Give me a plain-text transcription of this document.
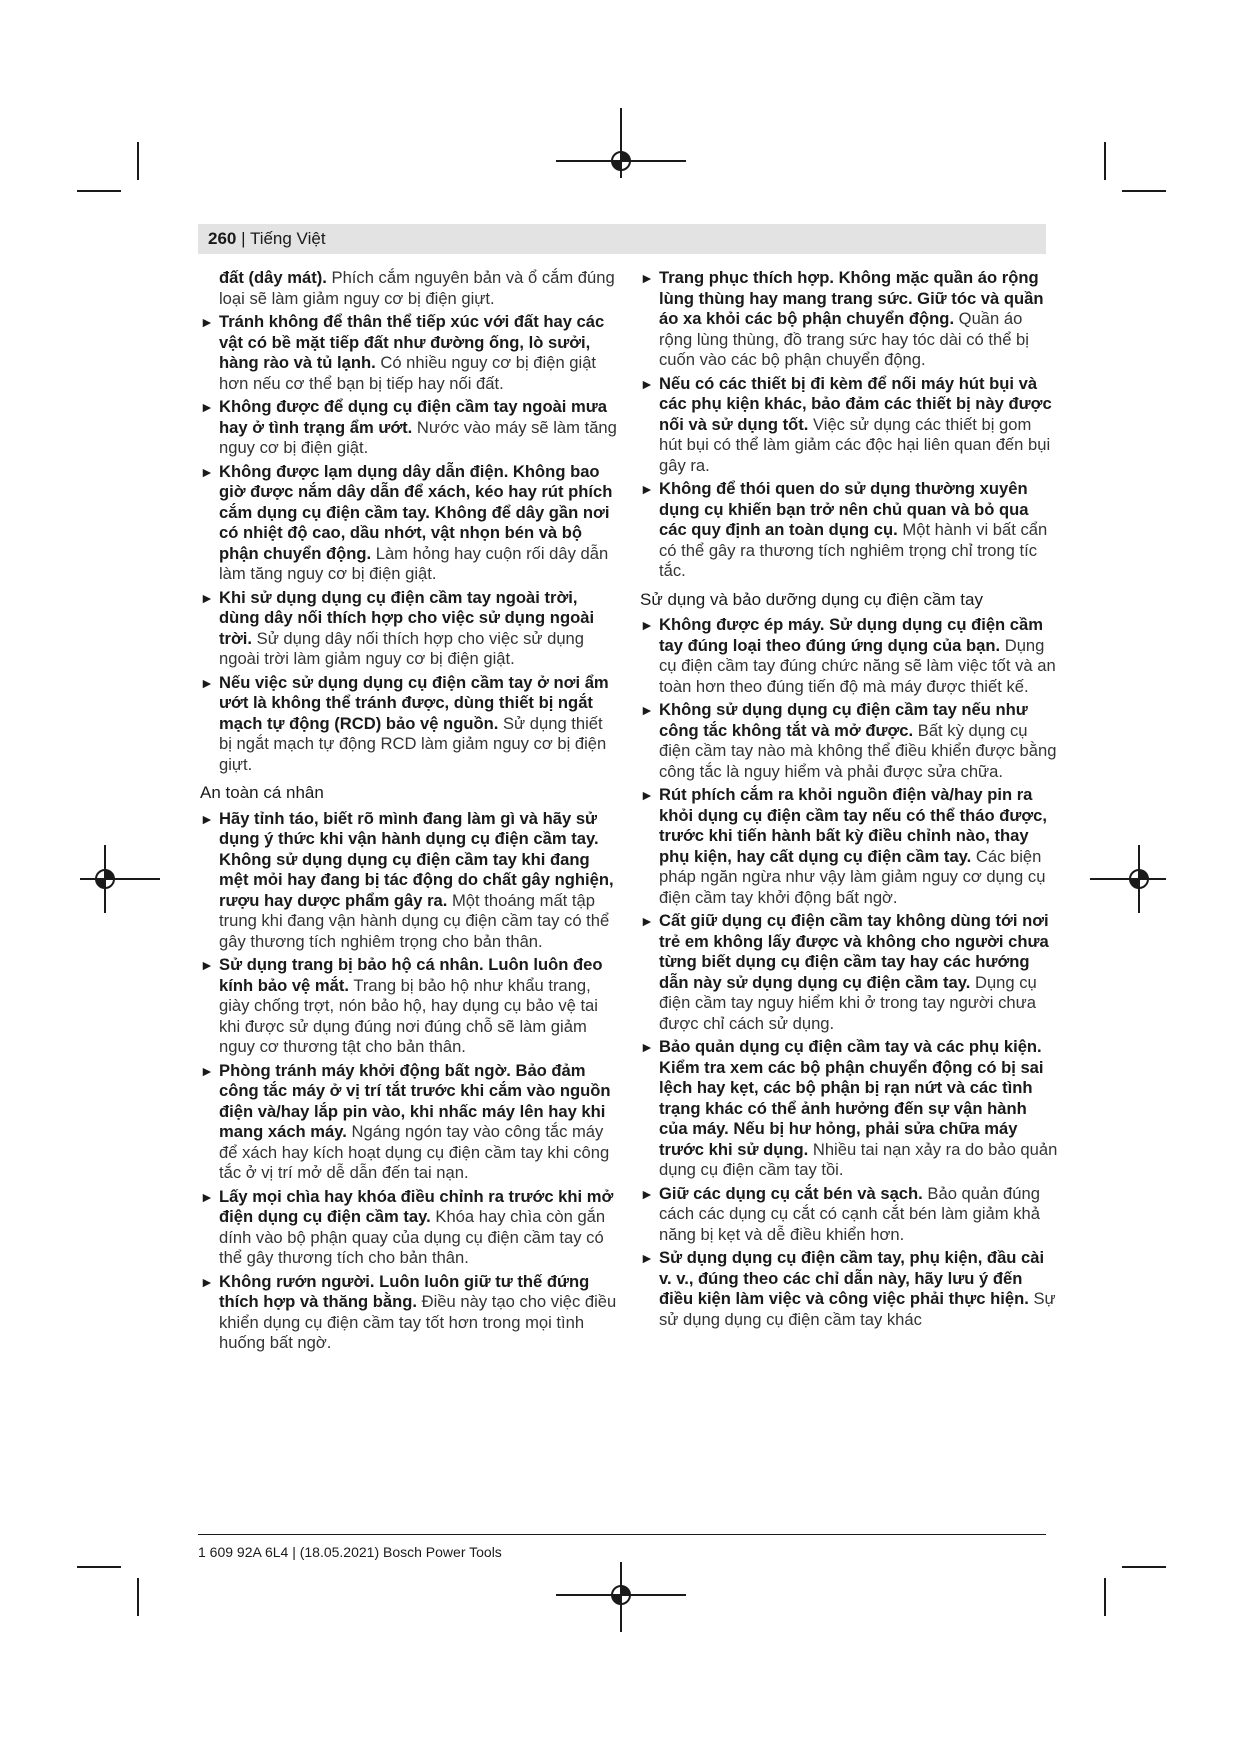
260 | Tiếng Việt
đất (dây mát). Phích cắm nguyên bản và ổ cắm đúng loại sẽ làm giảm nguy cơ bị điện giựt.
► Tránh không để thân thể tiếp xúc với đất hay các vật có bề mặt tiếp đất như đường ống, lò sưởi, hàng rào và tủ lạnh. Có nhiều nguy cơ bị điện giật hơn nếu cơ thể bạn bị tiếp hay nối đất.
► Không được để dụng cụ điện cầm tay ngoài mưa hay ở tình trạng ẩm ướt. Nước vào máy sẽ làm tăng nguy cơ bị điện giật.
► Không được lạm dụng dây dẫn điện. Không bao giờ được nắm dây dẫn để xách, kéo hay rút phích cắm dụng cụ điện cầm tay. Không để dây gần nơi có nhiệt độ cao, dầu nhớt, vật nhọn bén và bộ phận chuyển động. Làm hỏng hay cuộn rối dây dẫn làm tăng nguy cơ bị điện giật.
► Khi sử dụng dụng cụ điện cầm tay ngoài trời, dùng dây nối thích hợp cho việc sử dụng ngoài trời. Sử dụng dây nối thích hợp cho việc sử dụng ngoài trời làm giảm nguy cơ bị điện giật.
► Nếu việc sử dụng dụng cụ điện cầm tay ở nơi ẩm ướt là không thể tránh được, dùng thiết bị ngắt mạch tự động (RCD) bảo vệ nguồn. Sử dụng thiết bị ngắt mạch tự động RCD làm giảm nguy cơ bị điện giựt.
An toàn cá nhân
► Hãy tỉnh táo, biết rõ mình đang làm gì và hãy sử dụng ý thức khi vận hành dụng cụ điện cầm tay. Không sử dụng dụng cụ điện cầm tay khi đang mệt mỏi hay đang bị tác động do chất gây nghiện, rượu hay dược phẩm gây ra. Một thoáng mất tập trung khi đang vận hành dụng cụ điện cầm tay có thể gây thương tích nghiêm trọng cho bản thân.
► Sử dụng trang bị bảo hộ cá nhân. Luôn luôn đeo kính bảo vệ mắt. Trang bị bảo hộ như khẩu trang, giày chống trợt, nón bảo hộ, hay dụng cụ bảo vệ tai khi được sử dụng đúng nơi đúng chỗ sẽ làm giảm nguy cơ thương tật cho bản thân.
► Phòng tránh máy khởi động bất ngờ. Bảo đảm công tắc máy ở vị trí tắt trước khi cắm vào nguồn điện và/hay lắp pin vào, khi nhấc máy lên hay khi mang xách máy. Ngáng ngón tay vào công tắc máy để xách hay kích hoạt dụng cụ điện cầm tay khi công tắc ở vị trí mở dễ dẫn đến tai nạn.
► Lấy mọi chìa hay khóa điều chỉnh ra trước khi mở điện dụng cụ điện cầm tay. Khóa hay chìa còn gắn dính vào bộ phận quay của dụng cụ điện cầm tay có thể gây thương tích cho bản thân.
► Không rướn người. Luôn luôn giữ tư thế đứng thích hợp và thăng bằng. Điều này tạo cho việc điều khiển dụng cụ điện cầm tay tốt hơn trong mọi tình huống bất ngờ.
► Trang phục thích hợp. Không mặc quần áo rộng lùng thùng hay mang trang sức. Giữ tóc và quần áo xa khỏi các bộ phận chuyển động. Quần áo rộng lùng thùng, đồ trang sức hay tóc dài có thể bị cuốn vào các bộ phận chuyển động.
► Nếu có các thiết bị đi kèm để nối máy hút bụi và các phụ kiện khác, bảo đảm các thiết bị này được nối và sử dụng tốt. Việc sử dụng các thiết bị gom hút bụi có thể làm giảm các độc hại liên quan đến bụi gây ra.
► Không để thói quen do sử dụng thường xuyên dụng cụ khiến bạn trở nên chủ quan và bỏ qua các quy định an toàn dụng cụ. Một hành vi bất cẩn có thể gây ra thương tích nghiêm trọng chỉ trong tíc tắc.
Sử dụng và bảo dưỡng dụng cụ điện cầm tay
► Không được ép máy. Sử dụng dụng cụ điện cầm tay đúng loại theo đúng ứng dụng của bạn. Dụng cụ điện cầm tay đúng chức năng sẽ làm việc tốt và an toàn hơn theo đúng tiến độ mà máy được thiết kế.
► Không sử dụng dụng cụ điện cầm tay nếu như công tắc không tắt và mở được. Bất kỳ dụng cụ điện cầm tay nào mà không thể điều khiển được bằng công tắc là nguy hiểm và phải được sửa chữa.
► Rút phích cắm ra khỏi nguồn điện và/hay pin ra khỏi dụng cụ điện cầm tay nếu có thể tháo được, trước khi tiến hành bất kỳ điều chỉnh nào, thay phụ kiện, hay cất dụng cụ điện cầm tay. Các biện pháp ngăn ngừa như vậy làm giảm nguy cơ dụng cụ điện cầm tay khởi động bất ngờ.
► Cất giữ dụng cụ điện cầm tay không dùng tới nơi trẻ em không lấy được và không cho người chưa từng biết dụng cụ điện cầm tay hay các hướng dẫn này sử dụng dụng cụ điện cầm tay. Dụng cụ điện cầm tay nguy hiểm khi ở trong tay người chưa được chỉ cách sử dụng.
► Bảo quản dụng cụ điện cầm tay và các phụ kiện. Kiểm tra xem các bộ phận chuyển động có bị sai lệch hay kẹt, các bộ phận bị rạn nứt và các tình trạng khác có thể ảnh hưởng đến sự vận hành của máy. Nếu bị hư hỏng, phải sửa chữa máy trước khi sử dụng. Nhiều tai nạn xảy ra do bảo quản dụng cụ điện cầm tay tồi.
► Giữ các dụng cụ cắt bén và sạch. Bảo quản đúng cách các dụng cụ cắt có cạnh cắt bén làm giảm khả năng bị kẹt và dễ điều khiển hơn.
► Sử dụng dụng cụ điện cầm tay, phụ kiện, đầu cài v. v., đúng theo các chỉ dẫn này, hãy lưu ý đến điều kiện làm việc và công việc phải thực hiện. Sự sử dụng dụng cụ điện cầm tay khác
1 609 92A 6L4 | (18.05.2021) Bosch Power Tools
